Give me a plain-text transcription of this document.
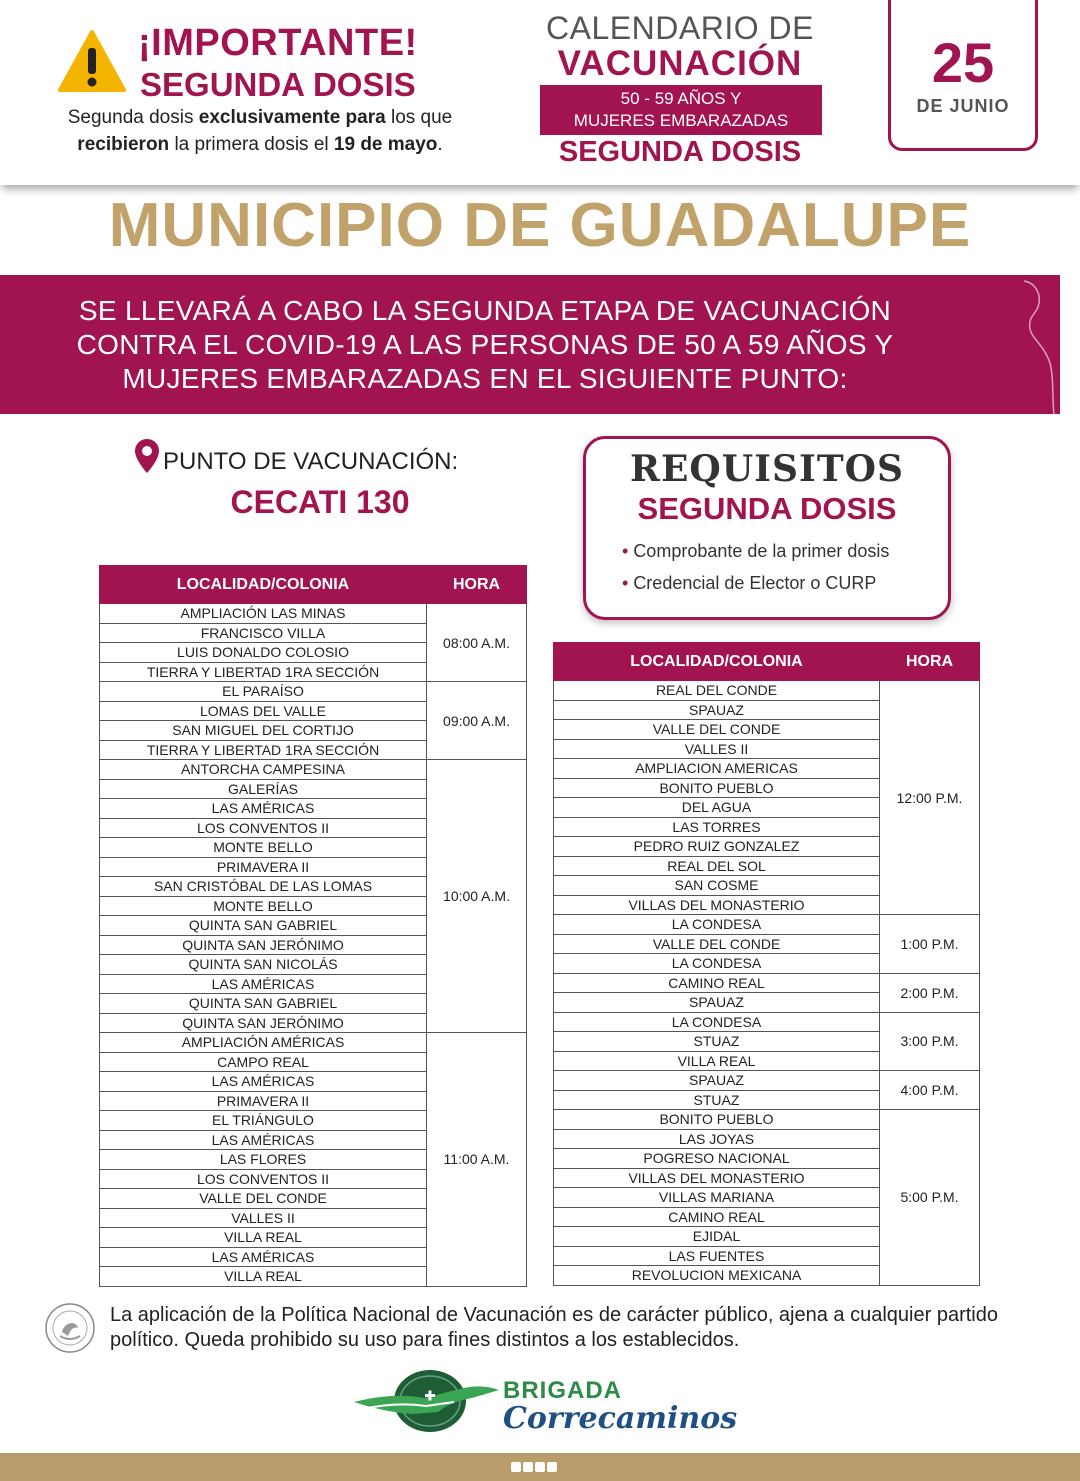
¡IMPORTANTE!
SEGUNDA DOSIS
Segunda dosis exclusivamente para los que
recibieron la primera dosis el 19 de mayo.
CALENDARIO DE
VACUNACIÓN
50 - 59 AÑOS Y
MUJERES EMBARAZADAS
SEGUNDA DOSIS
25
DE JUNIO
MUNICIPIO DE GUADALUPE
SE LLEVARÁ A CABO LA SEGUNDA ETAPA DE VACUNACIÓN
CONTRA EL COVID-19 A LAS PERSONAS DE 50 A 59 AÑOS Y
MUJERES EMBARAZADAS EN EL SIGUIENTE PUNTO:
PUNTO DE VACUNACIÓN:
CECATI 130
REQUISITOS
SEGUNDA DOSIS
• Comprobante de la primer dosis
• Credencial de Elector o CURP
LOCALIDAD/COLONIA	HORA
AMPLIACIÓN LAS MINAS	08:00 A.M.
FRANCISCO VILLA	
LUIS DONALDO COLOSIO	
TIERRA Y LIBERTAD 1RA SECCIÓN	
EL PARAÍSO	09:00 A.M.
LOMAS DEL VALLE	
SAN MIGUEL DEL CORTIJO	
TIERRA Y LIBERTAD 1RA SECCIÓN	
ANTORCHA CAMPESINA	10:00 A.M.
GALERÍAS	
LAS AMÉRICAS	
LOS CONVENTOS II	
MONTE BELLO	
PRIMAVERA II	
SAN CRISTÓBAL DE LAS LOMAS	
MONTE BELLO	
QUINTA SAN GABRIEL	
QUINTA SAN JERÓNIMO	
QUINTA SAN NICOLÁS	
LAS AMÉRICAS	
QUINTA SAN GABRIEL	
QUINTA SAN JERÓNIMO	
AMPLIACIÓN AMÉRICAS	11:00 A.M.
CAMPO REAL	
LAS AMÉRICAS	
PRIMAVERA II	
EL TRIÁNGULO	
LAS AMÉRICAS	
LAS FLORES	
LOS CONVENTOS II	
VALLE DEL CONDE	
VALLES II	
VILLA REAL	
LAS AMÉRICAS	
VILLA REAL	
LOCALIDAD/COLONIA	HORA
REAL DEL CONDE	12:00 P.M.
SPAUAZ	
VALLE DEL CONDE	
VALLES II	
AMPLIACION AMERICAS	
BONITO PUEBLO	
DEL AGUA	
LAS TORRES	
PEDRO RUIZ GONZALEZ	
REAL DEL SOL	
SAN COSME	
VILLAS DEL MONASTERIO	
LA CONDESA	1:00 P.M.
VALLE DEL CONDE	
LA CONDESA	
CAMINO REAL	2:00 P.M.
SPAUAZ	
LA CONDESA	3:00 P.M.
STUAZ	
VILLA REAL	
SPAUAZ	4:00 P.M.
STUAZ	
BONITO PUEBLO	5:00 P.M.
LAS JOYAS	
POGRESO NACIONAL	
VILLAS DEL MONASTERIO	
VILLAS MARIANA	
CAMINO REAL	
EJIDAL	
LAS FUENTES	
REVOLUCION MEXICANA	
La aplicación de la Política Nacional de Vacunación es de carácter público, ajena a cualquier partido político. Queda prohibido su uso para fines distintos a los establecidos.
BRIGADA
Correcaminos
